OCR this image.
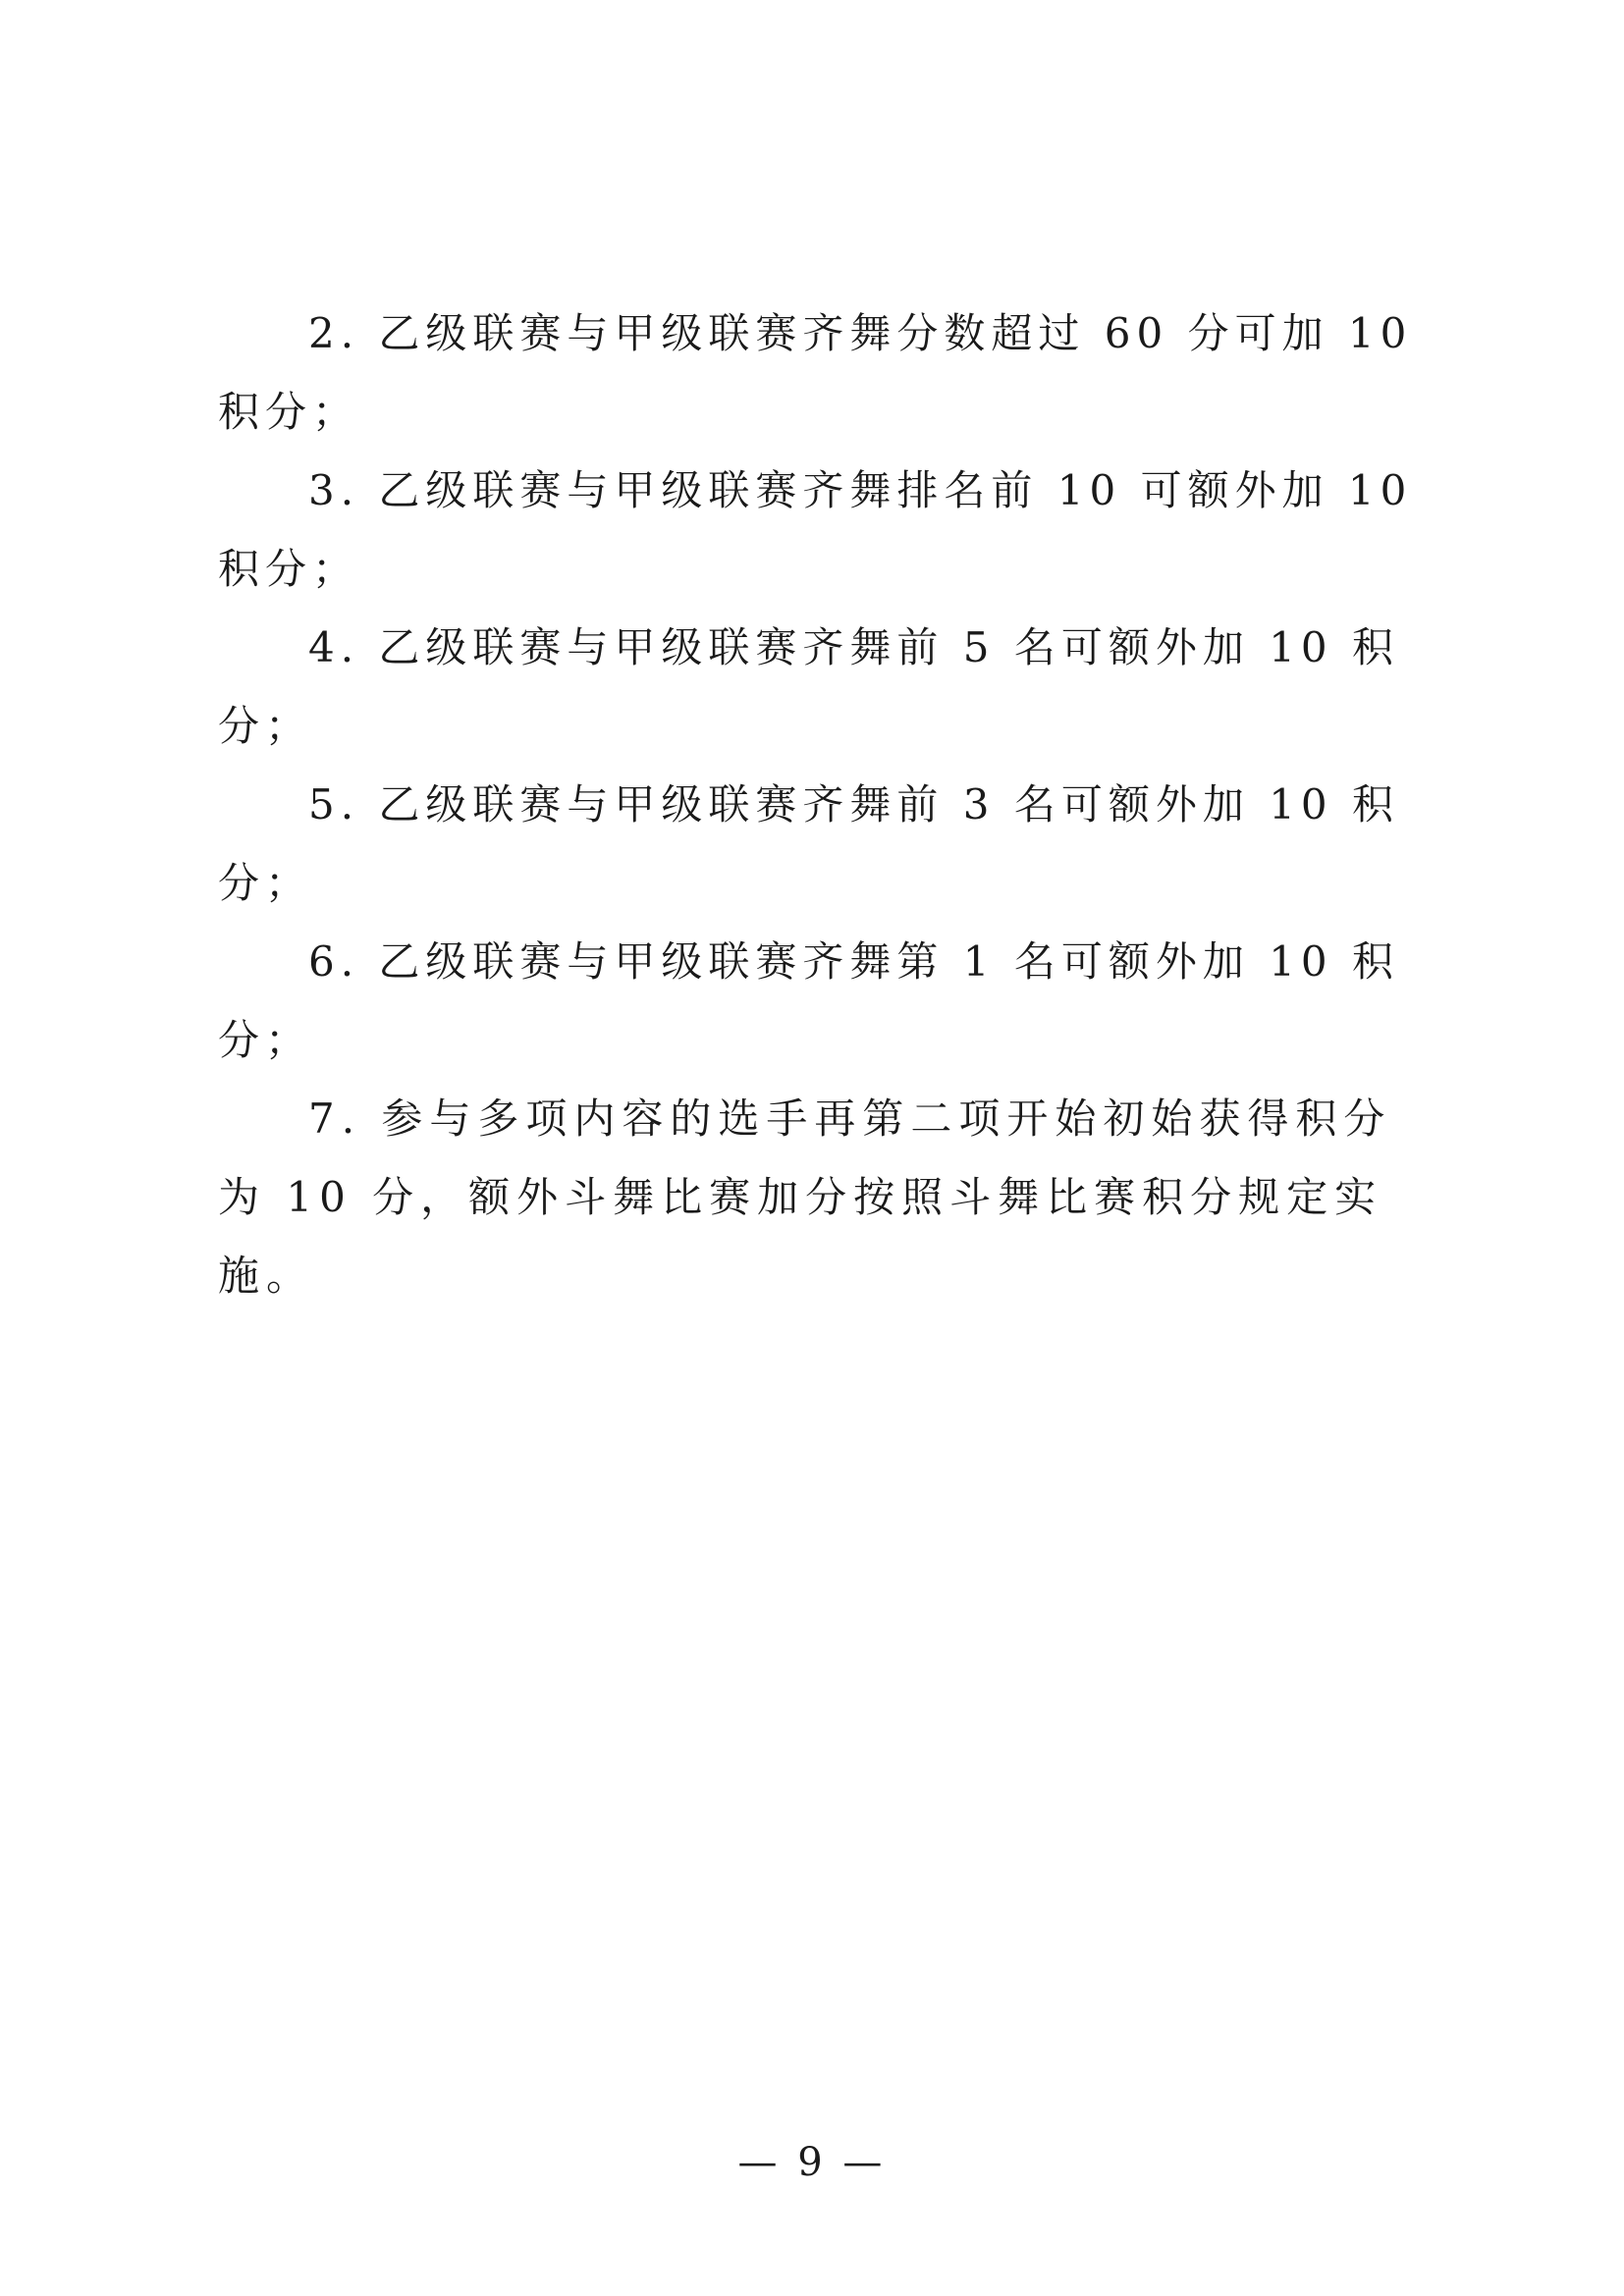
2. 乙级联赛与甲级联赛齐舞分数超过 60 分可加 10 积分；

3. 乙级联赛与甲级联赛齐舞排名前 10 可额外加 10 积分；

4. 乙级联赛与甲级联赛齐舞前 5 名可额外加 10 积分；

5. 乙级联赛与甲级联赛齐舞前 3 名可额外加 10 积分；

6. 乙级联赛与甲级联赛齐舞第 1 名可额外加 10 积分；

7. 参与多项内容的选手再第二项开始初始获得积分为 10 分，额外斗舞比赛加分按照斗舞比赛积分规定实施。

— 9 —
